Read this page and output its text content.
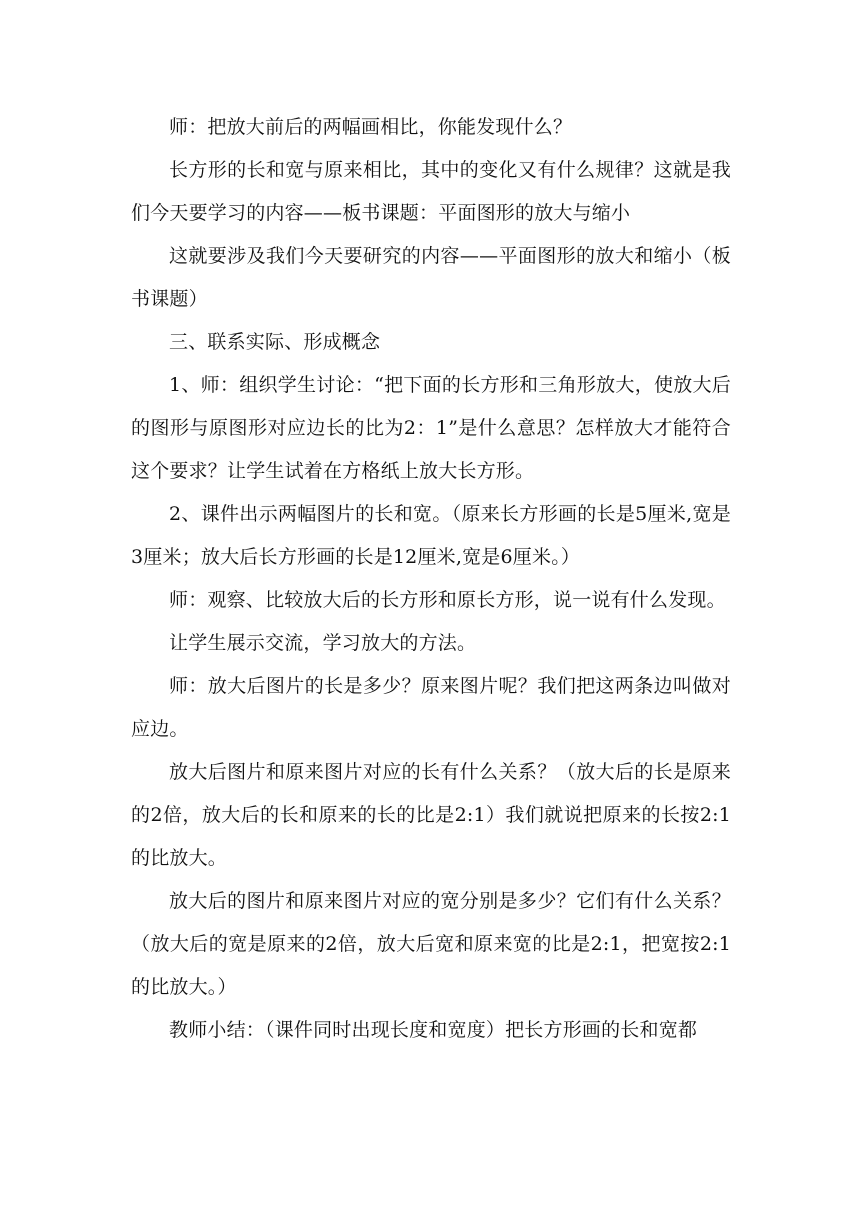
师：把放大前后的两幅画相比，你能发现什么？

长方形的长和宽与原来相比，其中的变化又有什么规律？这就是我们今天要学习的内容——板书课题：平面图形的放大与缩小

这就要涉及我们今天要研究的内容——平面图形的放大和缩小（板书课题）

三、联系实际、形成概念

1、师：组织学生讨论：“把下面的长方形和三角形放大，使放大后的图形与原图形对应边长的比为2：1”是什么意思？怎样放大才能符合这个要求？让学生试着在方格纸上放大长方形。

2、课件出示两幅图片的长和宽。（原来长方形画的长是5厘米,宽是3厘米；放大后长方形画的长是12厘米,宽是6厘米。）

师：观察、比较放大后的长方形和原长方形，说一说有什么发现。

让学生展示交流，学习放大的方法。

师：放大后图片的长是多少？原来图片呢？我们把这两条边叫做对应边。

放大后图片和原来图片对应的长有什么关系？（放大后的长是原来的2倍，放大后的长和原来的长的比是2:1）我们就说把原来的长按2:1的比放大。

放大后的图片和原来图片对应的宽分别是多少？它们有什么关系？（放大后的宽是原来的2倍，放大后宽和原来宽的比是2:1，把宽按2:1的比放大。）

教师小结：（课件同时出现长度和宽度）把长方形画的长和宽都
